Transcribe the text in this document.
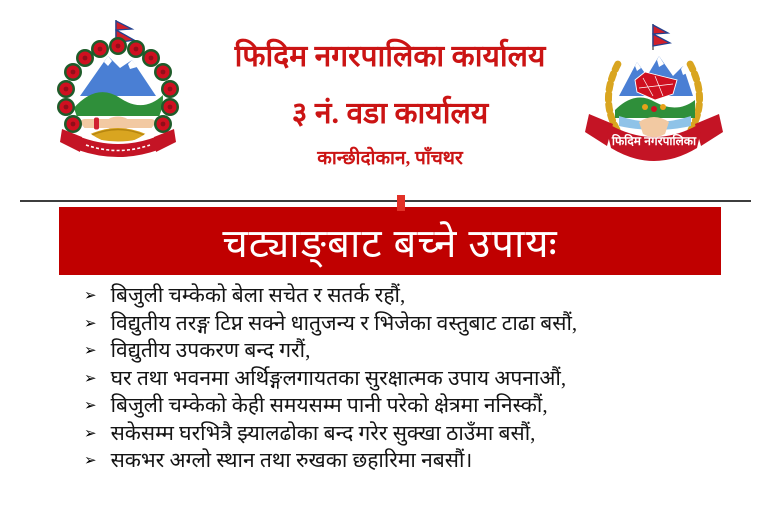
फिदिम नगरपालिका कार्यालय
३ नं. वडा कार्यालय
कान्छीदोकान, पाँचथर
फिदिम नगरपालिका
चट्याङ्बाट बच्ने उपायः
➢ बिजुली चम्केको बेला सचेत र सतर्क रहौं,
➢ विद्युतीय तरङ्ग टिप्न सक्ने धातुजन्य र भिजेका वस्तुबाट टाढा बसौं,
➢ विद्युतीय उपकरण बन्द गरौं,
➢ घर तथा भवनमा अर्थिङ्गलगायतका सुरक्षात्मक उपाय अपनाऔं,
➢ बिजुली चम्केको केही समयसम्म पानी परेको क्षेत्रमा ननिस्कौं,
➢ सकेसम्म घरभित्रै झ्यालढोका बन्द गरेर सुक्खा ठाउँमा बसौं,
➢ सकभर अग्लो स्थान तथा रुखका छहारिमा नबसौं।
